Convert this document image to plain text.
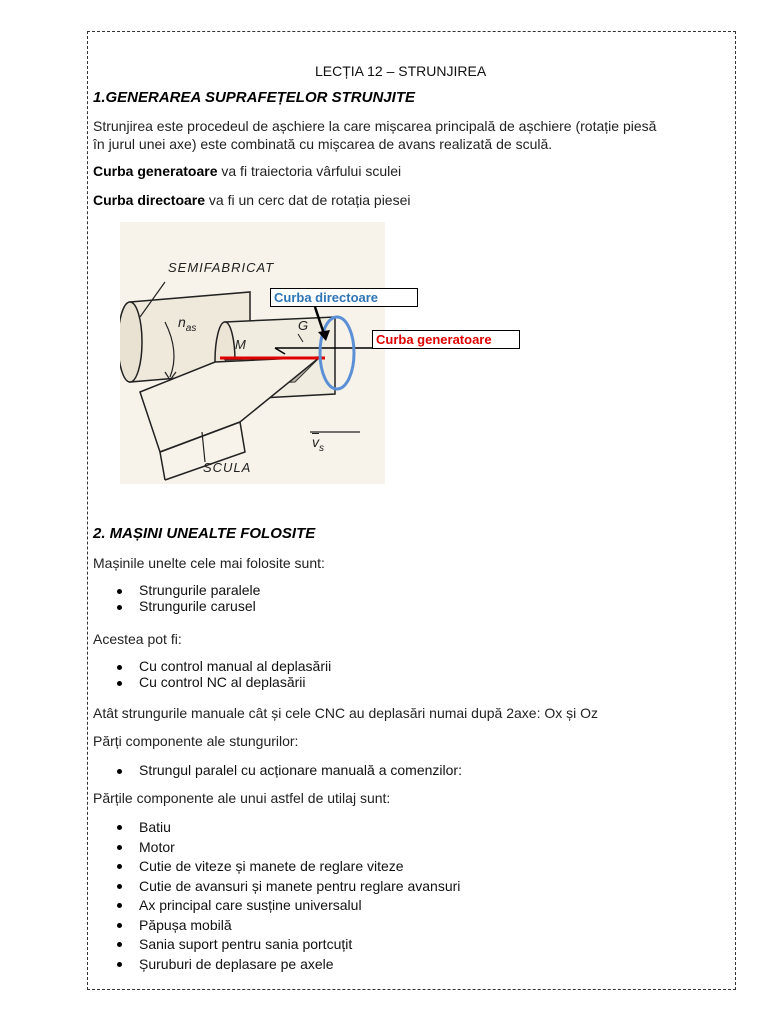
LECȚIA 12 – STRUNJIREA
1.GENERAREA SUPRAFEȚELOR STRUNJITE
Strunjirea este procedeul de așchiere la care mișcarea principală de așchiere (rotație piesă
în jurul unei axe) este combinată cu mișcarea de avans realizată de sculă.
Curba generatoare va fi traiectoria vârfului sculei
Curba directoare va fi un cerc dat de rotația piesei
SEMIFABRICAT
$n_{as}$
M
G
SCULA
$\overline{v}_s$
Curba directoare
Curba generatoare
2. MAȘINI UNEALTE FOLOSITE
Mașinile unelte cele mai folosite sunt:
Strungurile paralele
Strungurile carusel
Acestea pot fi:
Cu control manual al deplasării
Cu control NC al deplasării
Atât strungurile manuale cât și cele CNC au deplasări numai după 2axe: Ox și Oz
Părți componente ale stungurilor:
Strungul paralel cu acționare manuală a comenzilor:
Părțile componente ale unui astfel de utilaj sunt:
Batiu
Motor
Cutie de viteze și manete de reglare viteze
Cutie de avansuri și manete pentru reglare avansuri
Ax principal care susține universalul
Păpușa mobilă
Sania suport pentru sania portcuțit
Șuruburi de deplasare pe axele
